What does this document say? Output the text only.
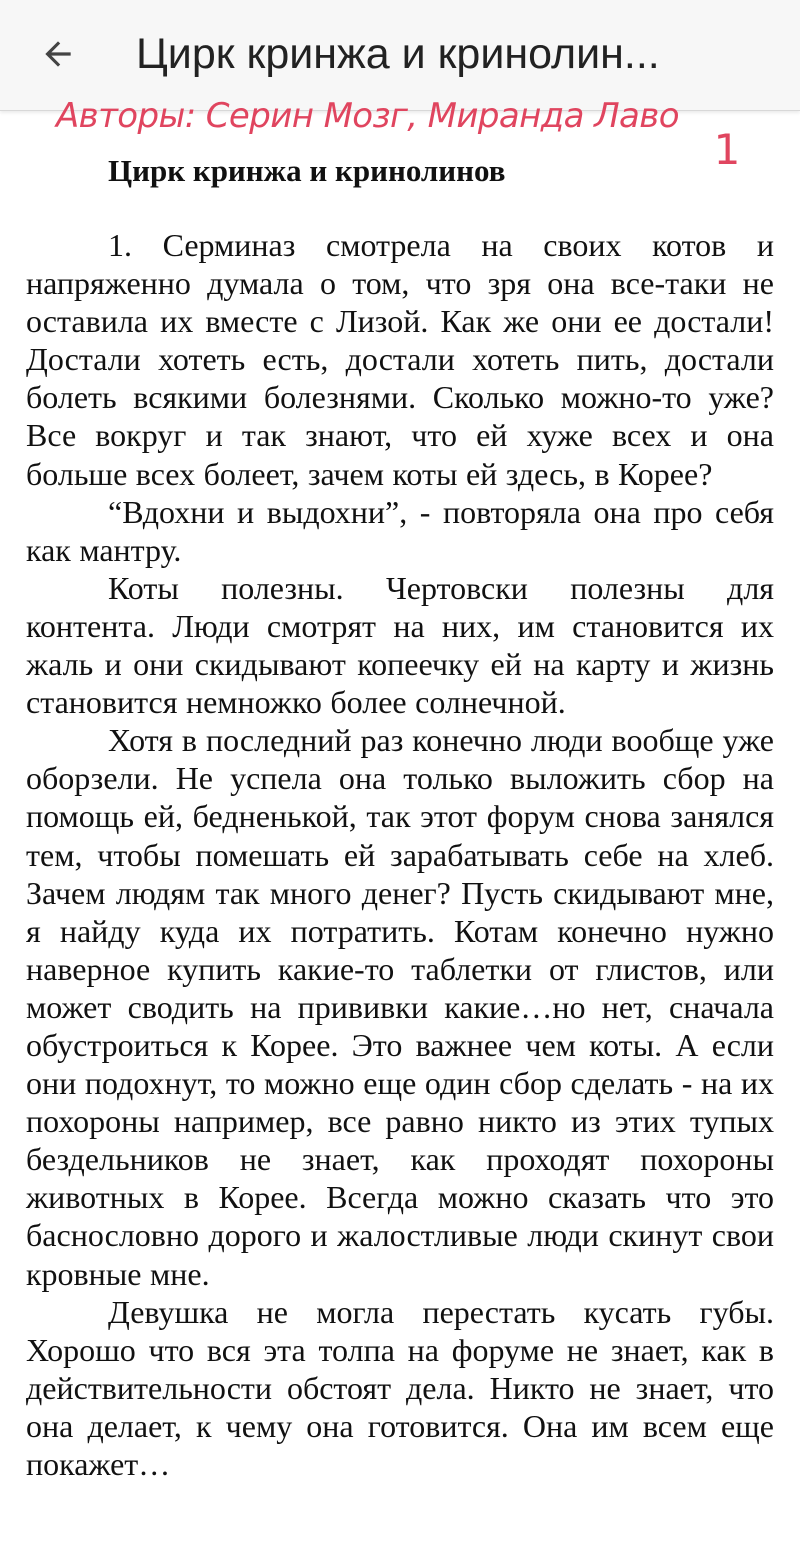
Цирк кринжа и кринолин...
Авторы: Серин Мозг, Миранда Лаво
1
Цирк кринжа и кринолинов

1. Серминаз смотрела на своих котов и напряженно думала о том, что зря она все-таки не оставила их вместе с Лизой. Как же они ее достали! Достали хотеть есть, достали хотеть пить, достали болеть всякими болезнями. Сколько можно-то уже? Все вокруг и так знают, что ей хуже всех и она больше всех болеет, зачем коты ей здесь, в Корее?

“Вдохни и выдохни”, - повторяла она про себя как мантру.

Коты полезны. Чертовски полезны для контента. Люди смотрят на них, им становится их жаль и они скидывают копеечку ей на карту и жизнь становится немножко более солнечной.

Хотя в последний раз конечно люди вообще уже оборзели. Не успела она только выложить сбор на помощь ей, бедненькой, так этот форум снова занялся тем, чтобы помешать ей зарабатывать себе на хлеб. Зачем людям так много денег? Пусть скидывают мне, я найду куда их потратить. Котам конечно нужно наверное купить какие-то таблетки от глистов, или может сводить на прививки какие…но нет, сначала обустроиться к Корее. Это важнее чем коты. А если они подохнут, то можно еще один сбор сделать - на их похороны например, все равно никто из этих тупых бездельников не знает, как проходят похороны животных в Корее. Всегда можно сказать что это баснословно дорого и жалостливые люди скинут свои кровные мне.

Девушка не могла перестать кусать губы. Хорошо что вся эта толпа на форуме не знает, как в действительности обстоят дела. Никто не знает, что она делает, к чему она готовится. Она им всем еще покажет…
